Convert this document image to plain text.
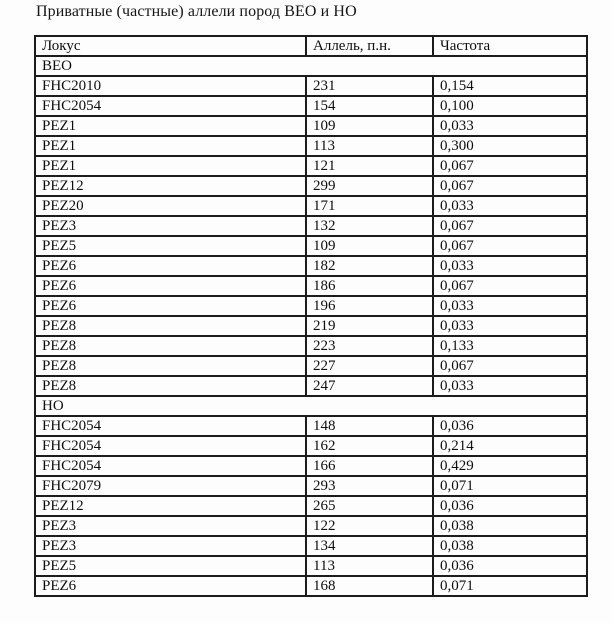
Приватные (частные) аллели пород ВЕО и НО
Локус	Аллель, п.н.	Частота
ВЕО		
FHC2010	231	0,154
FHC2054	154	0,100
PEZ1	109	0,033
PEZ1	113	0,300
PEZ1	121	0,067
PEZ12	299	0,067
PEZ20	171	0,033
PEZ3	132	0,067
PEZ5	109	0,067
PEZ6	182	0,033
PEZ6	186	0,067
PEZ6	196	0,033
PEZ8	219	0,033
PEZ8	223	0,133
PEZ8	227	0,067
PEZ8	247	0,033
НО		
FHC2054	148	0,036
FHC2054	162	0,214
FHC2054	166	0,429
FHC2079	293	0,071
PEZ12	265	0,036
PEZ3	122	0,038
PEZ3	134	0,038
PEZ5	113	0,036
PEZ6	168	0,071
